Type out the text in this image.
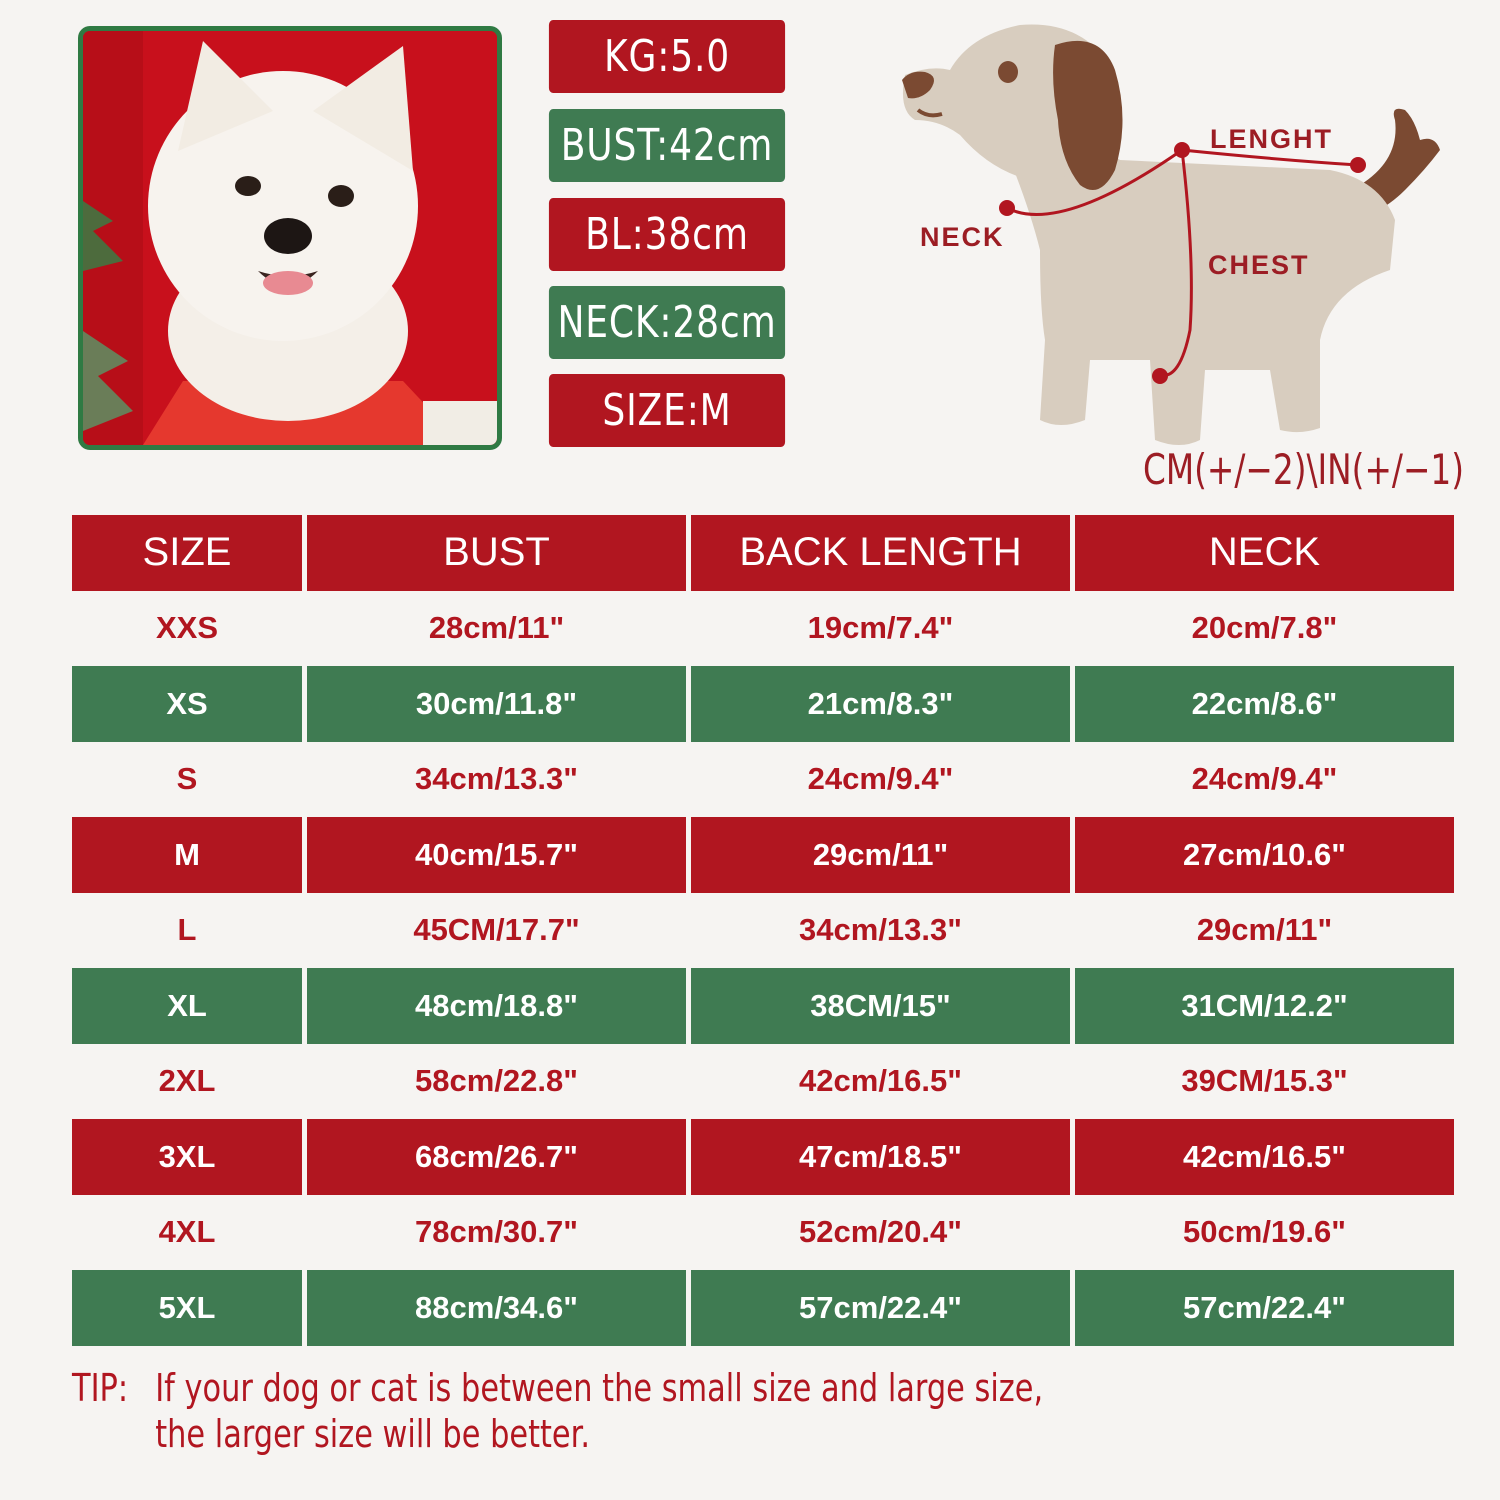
KG:5.0
BUST:42cm
BL:38cm
NECK:28cm
SIZE:M
LENGHT
NECK
CHEST
CM(+/−2)\IN(+/−1)
SIZE	BUST	BACK LENGTH	NECK
XXS	28cm/11"	19cm/7.4"	20cm/7.8"
XS	30cm/11.8"	21cm/8.3"	22cm/8.6"
S	34cm/13.3"	24cm/9.4"	24cm/9.4"
M	40cm/15.7"	29cm/11"	27cm/10.6"
L	45CM/17.7"	34cm/13.3"	29cm/11"
XL	48cm/18.8"	38CM/15"	31CM/12.2"
2XL	58cm/22.8"	42cm/16.5"	39CM/15.3"
3XL	68cm/26.7"	47cm/18.5"	42cm/16.5"
4XL	78cm/30.7"	52cm/20.4"	50cm/19.6"
5XL	88cm/34.6"	57cm/22.4"	57cm/22.4"
TIP: If your dog or cat is between the small size and large size,
the larger size will be better.
